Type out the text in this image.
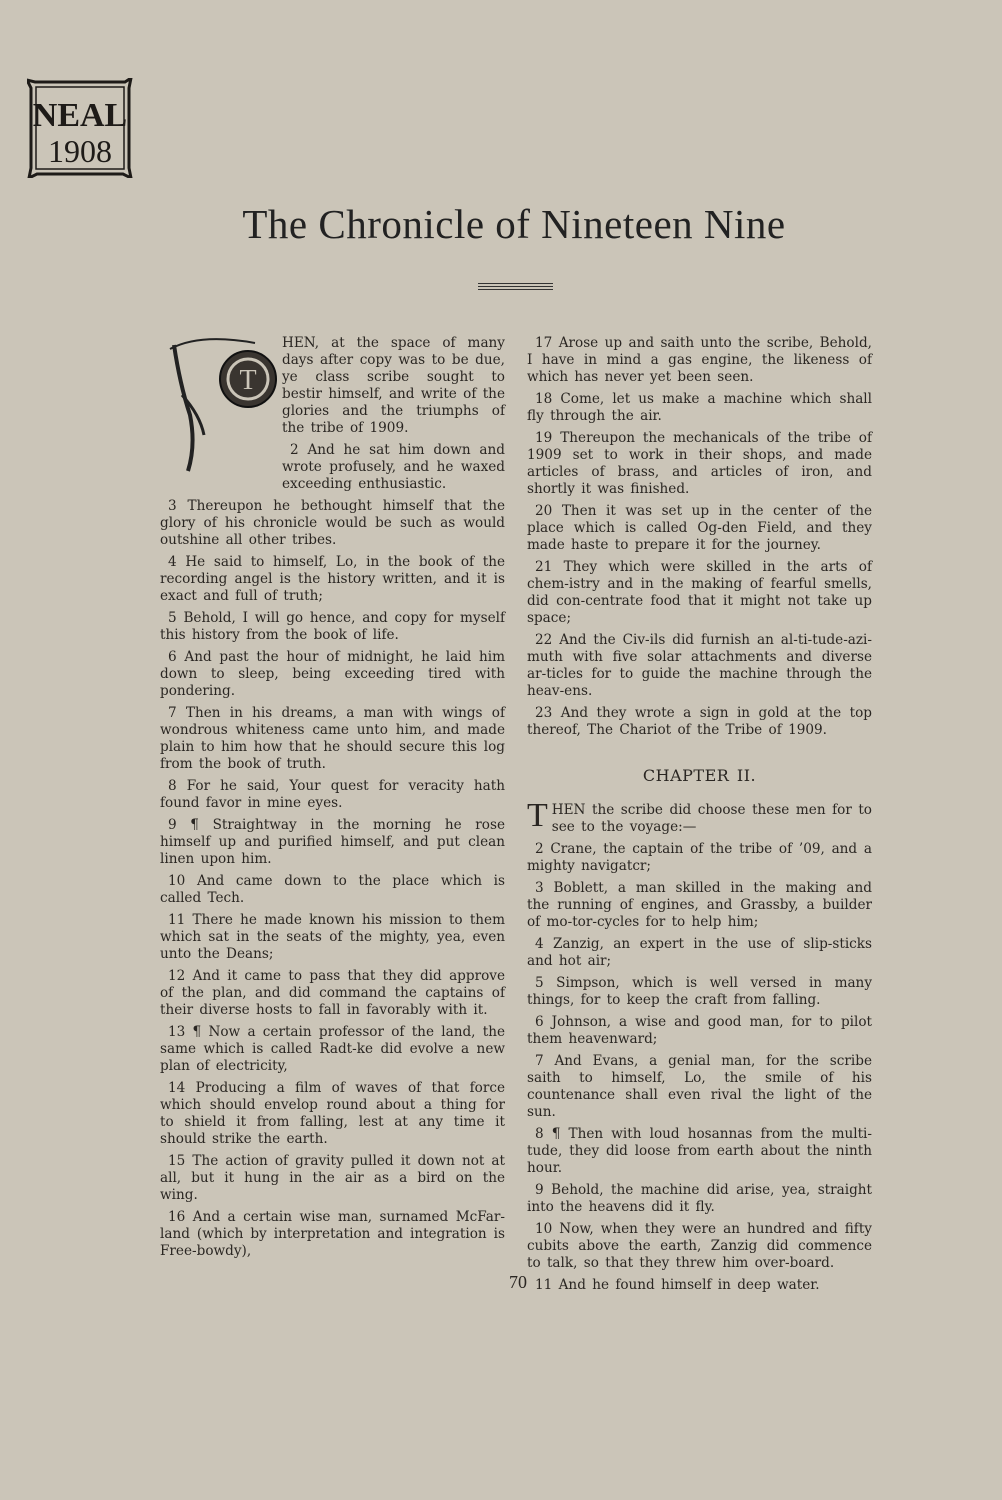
NEAL
1908
The Chronicle of Nineteen Nine
T

HEN, at the space of many days after copy was to be due, ye class scribe sought to bestir himself, and write of the glories and the triumphs of the tribe of 1909.

2 And he sat him down and wrote profusely, and he waxed exceeding enthusiastic.

3 Thereupon he bethought himself that the glory of his chronicle would be such as would outshine all other tribes.

4 He said to himself, Lo, in the book of the recording angel is the history written, and it is exact and full of truth;

5 Behold, I will go hence, and copy for myself this history from the book of life.

6 And past the hour of midnight, he laid him down to sleep, being exceeding tired with pondering.

7 Then in his dreams, a man with wings of wondrous whiteness came unto him, and made plain to him how that he should secure this log from the book of truth.

8 For he said, Your quest for veracity hath found favor in mine eyes.

9 ¶ Straightway in the morning he rose himself up and purified himself, and put clean linen upon him.

10 And came down to the place which is called Tech.

11 There he made known his mission to them which sat in the seats of the mighty, yea, even unto the Deans;

12 And it came to pass that they did approve of the plan, and did command the captains of their diverse hosts to fall in favorably with it.

13 ¶ Now a certain professor of the land, the same which is called Radt-ke did evolve a new plan of electricity,

14 Producing a film of waves of that force which should envelop round about a thing for to shield it from falling, lest at any time it should strike the earth.

15 The action of gravity pulled it down not at all, but it hung in the air as a bird on the wing.

16 And a certain wise man, surnamed McFar-land (which by interpretation and integration is Free-bowdy),

17 Arose up and saith unto the scribe, Behold, I have in mind a gas engine, the likeness of which has never yet been seen.

18 Come, let us make a machine which shall fly through the air.

19 Thereupon the mechanicals of the tribe of 1909 set to work in their shops, and made articles of brass, and articles of iron, and shortly it was finished.

20 Then it was set up in the center of the place which is called Og-den Field, and they made haste to prepare it for the journey.

21 They which were skilled in the arts of chem-istry and in the making of fearful smells, did con-centrate food that it might not take up space;

22 And the Civ-ils did furnish an al-ti-tude-azi-muth with five solar attachments and diverse ar-ticles for to guide the machine through the heav-ens.

23 And they wrote a sign in gold at the top thereof, The Chariot of the Tribe of 1909.

CHAPTER II.

THEN the scribe did choose these men for to see to the voyage:—

2 Crane, the captain of the tribe of ’09, and a mighty navigatcr;

3 Boblett, a man skilled in the making and the running of engines, and Grassby, a builder of mo-tor-cycles for to help him;

4 Zanzig, an expert in the use of slip-sticks and hot air;

5 Simpson, which is well versed in many things, for to keep the craft from falling.

6 Johnson, a wise and good man, for to pilot them heavenward;

7 And Evans, a genial man, for the scribe saith to himself, Lo, the smile of his countenance shall even rival the light of the sun.

8 ¶ Then with loud hosannas from the multi-tude, they did loose from earth about the ninth hour.

9 Behold, the machine did arise, yea, straight into the heavens did it fly.

10 Now, when they were an hundred and fifty cubits above the earth, Zanzig did commence to talk, so that they threw him over-board.

11 And he found himself in deep water.

70
